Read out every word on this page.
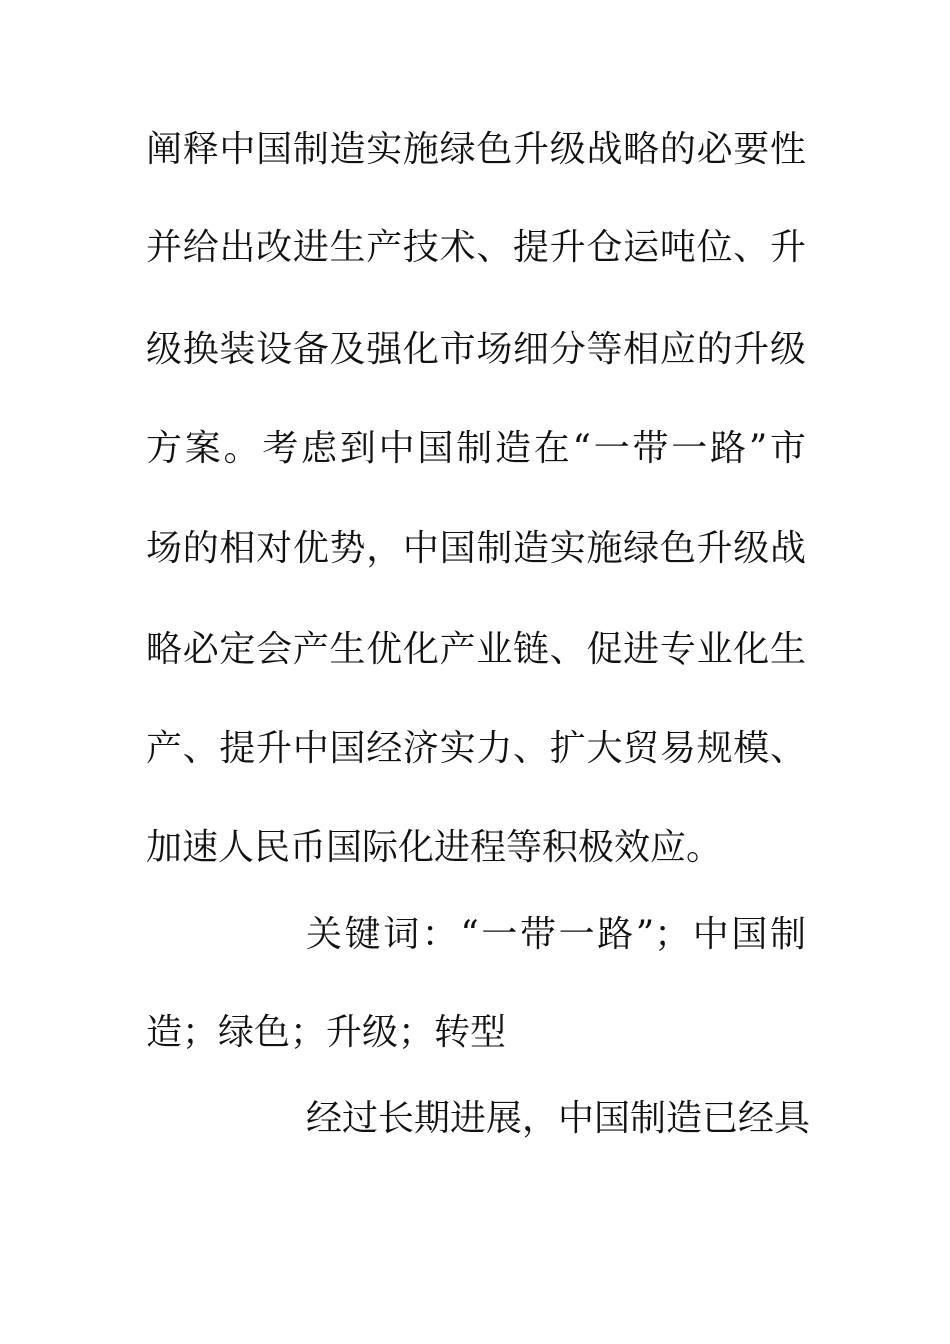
阐释中国制造实施绿色升级战略的必要性
并给出改进生产技术、提升仓运吨位、升
级换装设备及强化市场细分等相应的升级
方案。考虑到中国制造在“一带一路”市
场的相对优势，中国制造实施绿色升级战
略必定会产生优化产业链、促进专业化生
产、提升中国经济实力、扩大贸易规模、
加速人民币国际化进程等积极效应。
关键词：“一带一路”；中国制
造；绿色；升级；转型
经过长期进展，中国制造已经具
